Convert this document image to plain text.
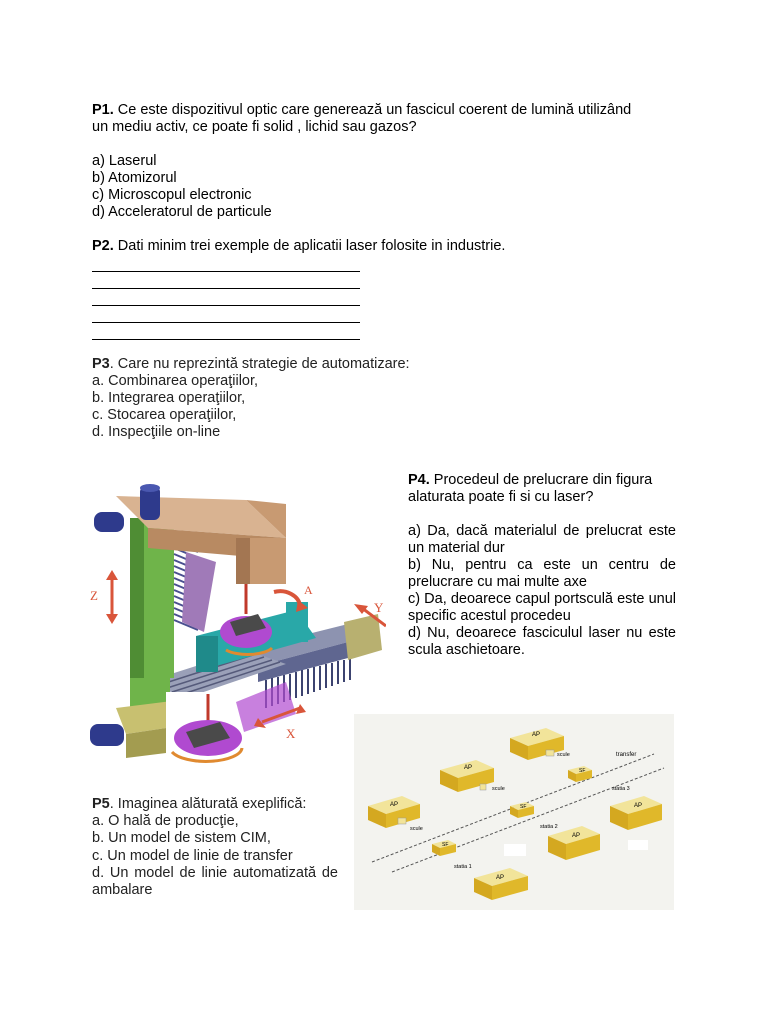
P1. Ce este dispozitivul optic care generează un fascicul coerent de lumină utilizând
un mediu activ, ce poate fi solid , lichid sau gazos?
a) Laserul
b) Atomizorul
c) Microscopul electronic
d) Acceleratorul de particule
P2. Dati minim trei exemple de aplicatii laser folosite in industrie.
P3. Care nu reprezintă strategie de automatizare:
a. Combinarea operaţiilor,
b. Integrarea operaţiilor,
c. Stocarea operaţiilor,
d. Inspecţiile on-line
P4. Procedeul de prelucrare din figura
alaturata poate fi si cu laser?
a) Da, dacă materialul de prelucrat este un material dur
b) Nu, pentru ca este un centru de prelucrare cu mai multe axe
c) Da, deoarece capul portsculă este unul specific acestul procedeu
d) Nu, deoarece fasciculul laser nu este scula aschietoare.
P5. Imaginea alăturată exeplifică:
a. O hală de producţie,
b. Un model de sistem CIM,
c. Un model de linie de transfer
d. Un model de linie automatizată de ambalare
Z
Y
X
A
AP
scule	transfer
AP
scule
SF
AP
statia 3
AP
scule
SF
AP
statia 2
SF
AP
statia 1
